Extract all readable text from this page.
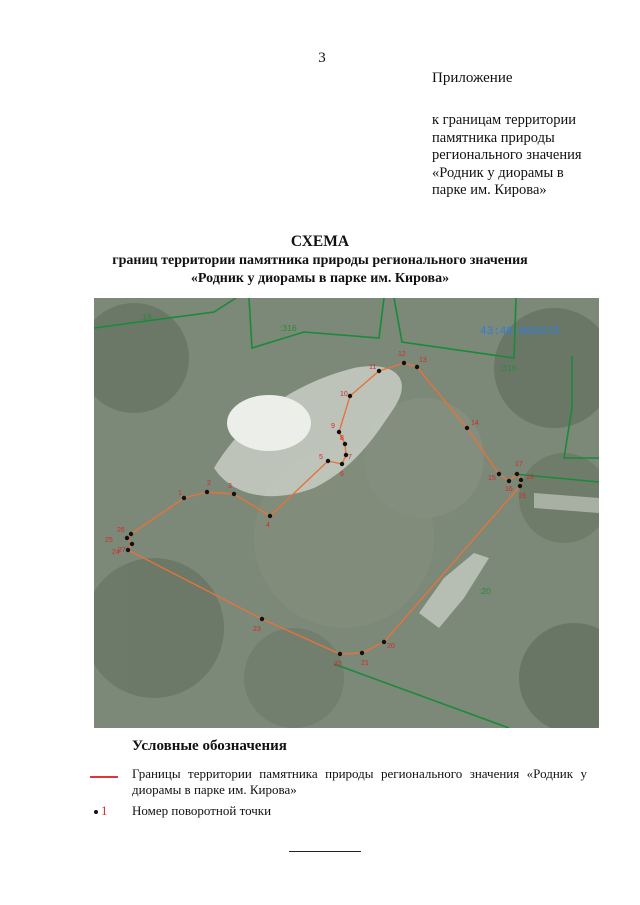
3
Приложение
к границам территории
памятника природы
регионального значения
«Родник у диорамы в
парке им. Кирова»
СХЕМА
границ территории памятника природы регионального значения
«Родник у диорамы в парке им. Кирова»
:16
:316
:316
:20
43:40:000378
1
2 3
4
5
6
7
8
9
10
11
12
13
14
15
16
17
18
19
20
21
22
23
24
25
26
27
Условные обозначения
Границы территории памятника природы регионального значения «Родник у диорамы в парке им. Кирова»
1 Номер поворотной точки
